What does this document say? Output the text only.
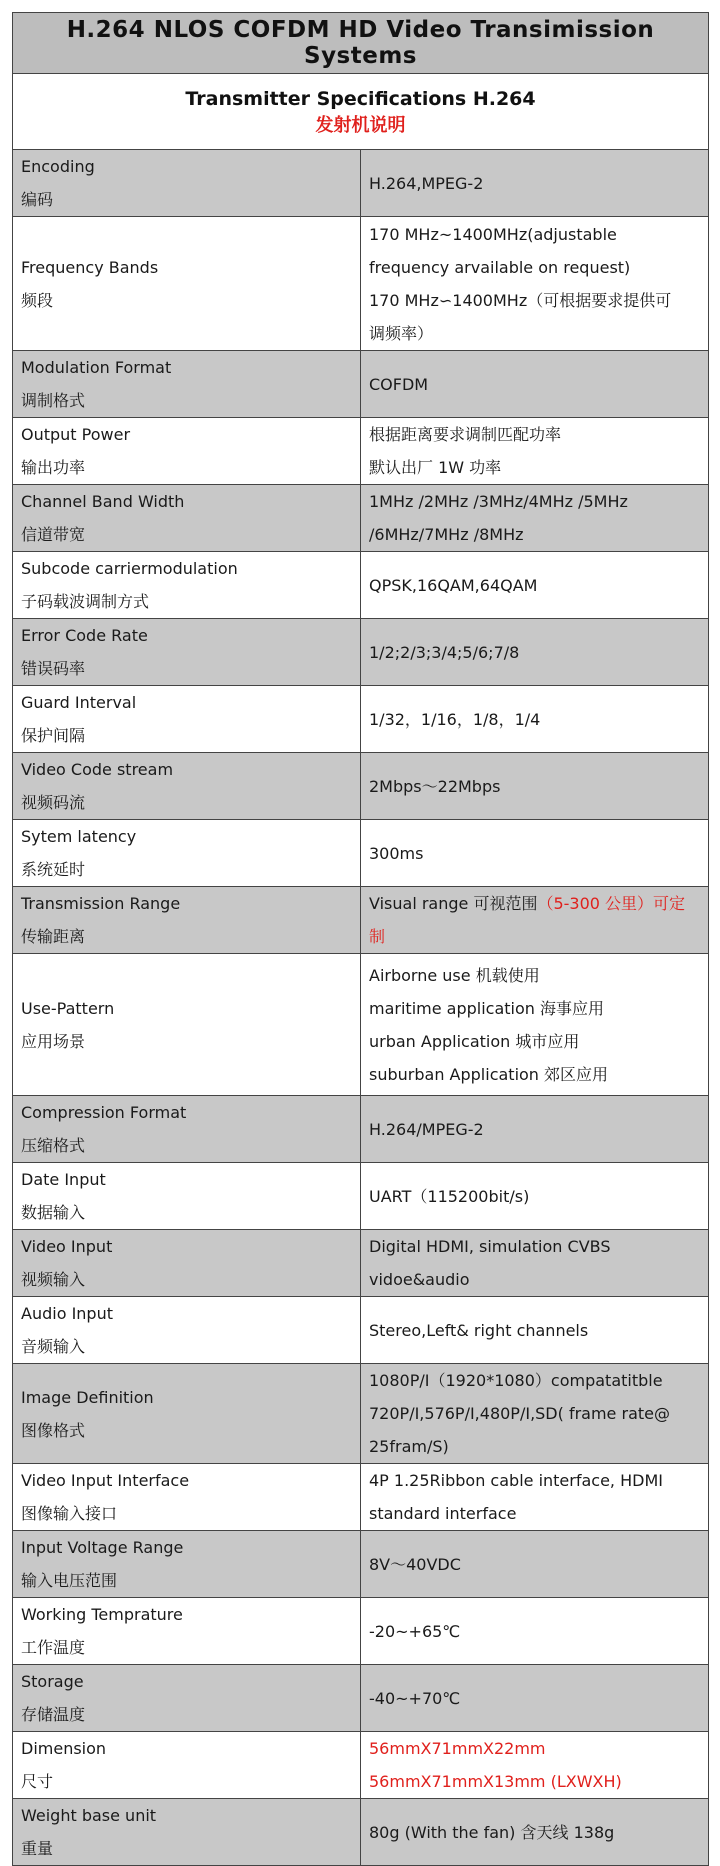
H.264 NLOS COFDM HD Video Transimission Systems	

Transmitter Specifications H.264
发射机说明	

Encoding
编码	H.264,MPEG-2

Frequency Bands
频段	170 MHz~1400MHz(adjustable
frequency arvailable on request)
170 MHz∽1400MHz（可根据要求提供可
调频率）

Modulation Format
调制格式	COFDM

Output Power
输出功率	根据距离要求调制匹配功率
默认出厂 1W 功率

Channel Band Width
信道带宽	1MHz /2MHz /3MHz/4MHz /5MHz
/6MHz/7MHz /8MHz

Subcode carriermodulation
子码载波调制方式	QPSK,16QAM,64QAM

Error Code Rate
错误码率	1/2;2/3;3/4;5/6;7/8

Guard Interval
保护间隔	1/32，1/16，1/8，1/4

Video Code stream
视频码流	2Mbps～22Mbps

Sytem latency
系统延时	300ms

Transmission Range
传输距离	Visual range 可视范围（5-300 公里）可定
制

Use-Pattern
应用场景	Airborne use 机载使用
maritime application 海事应用
urban Application 城市应用
suburban Application 郊区应用

Compression Format
压缩格式	H.264/MPEG-2

Date Input
数据输入	UART（115200bit/s)

Video Input
视频输入	Digital HDMI, simulation CVBS
vidoe&audio

Audio Input
音频输入	Stereo,Left& right channels

Image Definition
图像格式	1080P/I（1920*1080）compatatitble
720P/I,576P/I,480P/I,SD( frame rate@
25fram/S)

Video Input Interface
图像输入接口	4P 1.25Ribbon cable interface, HDMI
standard interface

Input Voltage Range
输入电压范围	8V～40VDC

Working Temprature
工作温度	-20~+65℃

Storage
存储温度	-40~+70℃

Dimension
尺寸	56mmX71mmX22mm
56mmX71mmX13mm (LXWXH)

Weight base unit
重量	80g (With the fan) 含天线 138g
